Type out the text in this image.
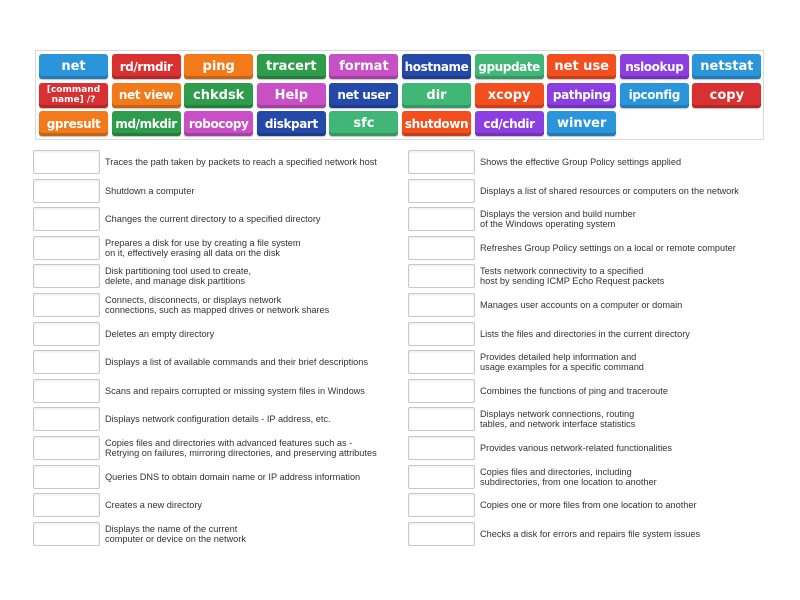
net	rd/rmdir	ping	tracert	format	hostname gpupdate	net use	nslookup	netstat
[command name] /?	net view	chkdsk	Help	net user	dir	xcopy	pathping	ipconfig	copy
gpresult	md/mkdir	robocopy	diskpart	sfc	shutdown	cd/chdir	winver
Traces the path taken by packets to reach a specified network host
Shutdown a computer
Changes the current directory to a specified directory
Prepares a disk for use by creating a file system
on it, effectively erasing all data on the disk
Disk partitioning tool used to create,
delete, and manage disk partitions
Connects, disconnects, or displays network
connections, such as mapped drives or network shares
Deletes an empty directory
Displays a list of available commands and their brief descriptions
Scans and repairs corrupted or missing system files in Windows
Displays network configuration details - IP address, etc.
Copies files and directories with advanced features such as -
Retrying on failures, mirroring directories, and preserving attributes
Queries DNS to obtain domain name or IP address information
Creates a new directory
Displays the name of the current
computer or device on the network
Shows the effective Group Policy settings applied
Displays a list of shared resources or computers on the network
Displays the version and build number
of the Windows operating system
Refreshes Group Policy settings on a local or remote computer
Tests network connectivity to a specified
host by sending ICMP Echo Request packets
Manages user accounts on a computer or domain
Lists the files and directories in the current directory
Provides detailed help information and
usage examples for a specific command
Combines the functions of ping and traceroute
Displays network connections, routing
tables, and network interface statistics
Provides various network-related functionalities
Copies files and directories, including
subdirectories, from one location to another
Copies one or more files from one location to another
Checks a disk for errors and repairs file system issues
